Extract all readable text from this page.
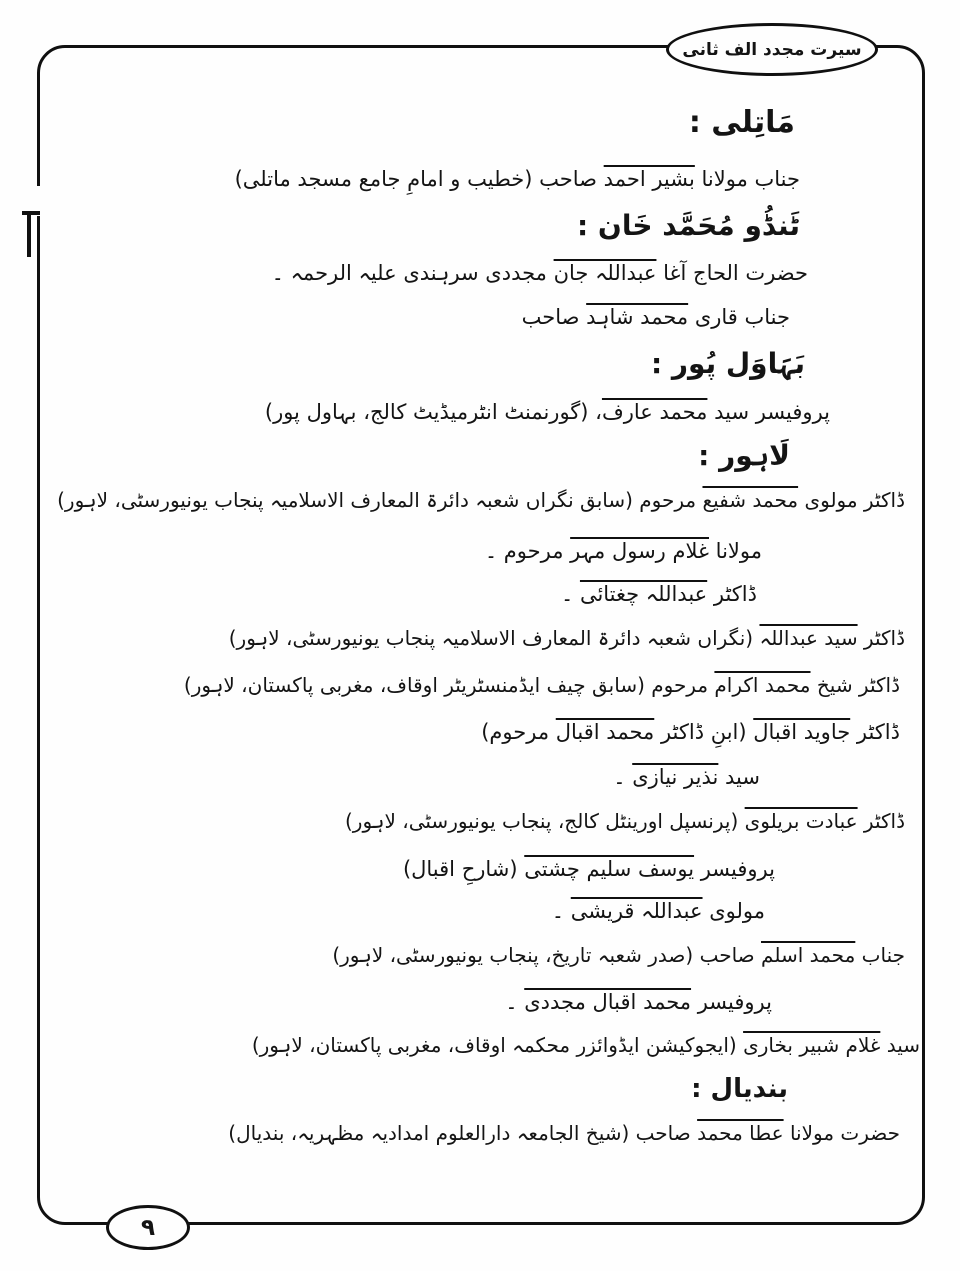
سیرت مجدد الف ثانی
۹
مَاتِلی :
جناب مولانا بشیر احمد صاحب (خطیب و امامِ جامع مسجد ماتلی)
ٹَنڈُو مُحَمَّد خَان :
حضرت الحاج آغا عبداللہ جان مجددی سرہندی علیہ الرحمہ ۔
جناب قاری محمد شاہد صاحب
بَہَاوَل پُور :
پروفیسر سید محمد عارف، (گورنمنٹ انٹرمیڈیٹ کالج، بہاول پور)
لَاہور :
ڈاکٹر مولوی محمد شفیع مرحوم (سابق نگراں شعبہ دائرۃ المعارف الاسلامیہ پنجاب یونیورسٹی، لاہور)
مولانا غلام رسول مہر مرحوم ۔
ڈاکٹر عبداللہ چغتائی ۔
ڈاکٹر سید عبداللہ (نگراں شعبہ دائرۃ المعارف الاسلامیہ پنجاب یونیورسٹی، لاہور)
ڈاکٹر شیخ محمد اکرام مرحوم (سابق چیف ایڈمنسٹریٹر اوقاف، مغربی پاکستان، لاہور)
ڈاکٹر جاوید اقبال (ابنِ ڈاکٹر محمد اقبال مرحوم)
سید نذیر نیازی ۔
ڈاکٹر عبادت بریلوی (پرنسپل اورینٹل کالج، پنجاب یونیورسٹی، لاہور)
پروفیسر یوسف سلیم چشتی (شارحِ اقبال)
مولوی عبداللہ قریشی ۔
جناب محمد اسلم صاحب (صدر شعبہ تاریخ، پنجاب یونیورسٹی، لاہور)
پروفیسر محمد اقبال مجددی ۔
سید غلام شبیر بخاری (ایجوکیشن ایڈوائزر محکمہ اوقاف، مغربی پاکستان، لاہور)
بندیال :
حضرت مولانا عطا محمد صاحب (شیخ الجامعہ دارالعلوم امدادیہ مظہریہ، بندیال)
